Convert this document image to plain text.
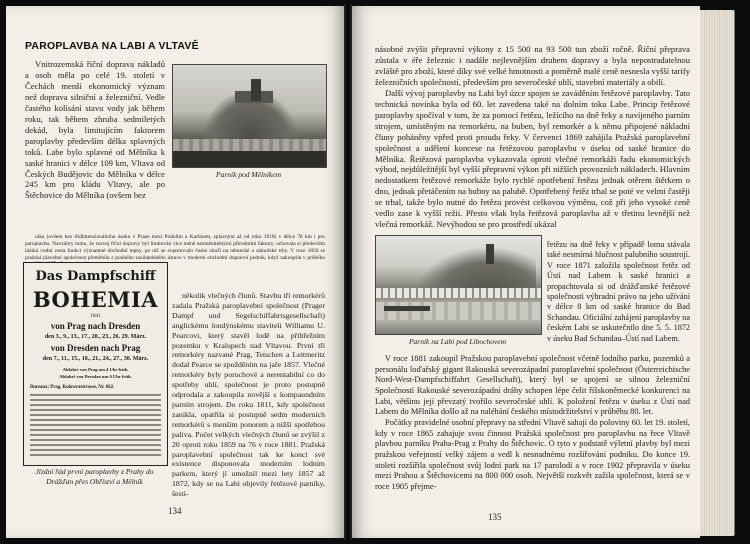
PAROPLAVBA NA LABI A VLTAVĚ

Vnitrozemská říční doprava nákladů a osob měla po celé 19. století v Čechách menší ekonomický význam než doprava silniční a železniční. Vedle častého kolísání stavu vody jak během roku, tak během zhruba sedmiletých dekád, byla limitujícím faktorem paroplavby především délka splavných toků. Labe bylo splavné od Mělníka k saské hranici v délce 109 km, Vltava od Českých Budějovic do Mělníka v délce 245 km pro kládu Vltavy, ale po Štěchovice do Mělníka (ovšem bez

Parník pod Mělníkem

nika (ovšem bez třídimenzionálního úseku v Praze mezi Podolím a Karlínem, splavným až od roku 1918) v délce 78 km i pro paroplavbu. Navzdory tomu, že rozvoj říční dopravy byl limitován více méně nezměnitelnými přírodními faktory, uchovala si především lámká vodní cesta funkci významné obchodní tepny, po níž se exportovalo české zboží na německé a zámořské trhy. V roce 1856 se pražská plavební společnost přeměnila z pouhého zasilatelského ústavu v moderní obchodní dopravní podnik, když zakoupila v průběhu

Das Dampfschiff
BOHEMIA
1841
von Prag nach Dresden
den 3., 9., 13., 17., 20., 23., 26. 29. März.
von Dresden nach Prag
den 7., 11., 15., 18., 21., 24., 27., 30. März.
Abfahrt von Prag um 4 Uhr früh.
Abfahrt von Dresden um 6 Uhr früh.
Bureaux: Prag, Kolowratstrasse, Nr. 862.
Jízdní řád první paroplavby z Prahy do Drážďan přes Obříství a Mělník

několik vlečných člunů. Stavbu tří remorkérů zadala Pražská paroplavební společnost (Prager Dampf und Segelschiffahrtsgesellschaft) anglickému londýnskému staviteli Williamu U. Pearcovi, který stavěl lodě na přibřežním pozemku v Kralupech nad Vltavou. První tři remorkéry nazvané Prag, Tetschen a Leitmeritz dodal Pearce se zpožděním na jaře 1857. Vlečné remorkéry byly poruchové a nerentabilní co do spotřeby uhlí, společnost je proto postupně odprodala a zakoupila novější s kompaundním parním strojem. Do roku 1811, kdy společnost zanikla, opatřila si postupně sedm moderních remorkérů s menším ponorem a nižší spotřebou paliva. Počet velkých vlečných člunů se zvýšil z 20 oproti roku 1859 na 76 v roce 1881. Pražská paroplavební společnost tak ke konci své existence disponovala moderním lodním parkem, který jí umožnil mezi lety 1857 až 1872, kdy se na Labi objevily řetězové parníky, šesti-

134

násobné zvýšit přepravní výkony z 15 500 na 93 500 tun zboží ročně. Říční přeprava zůstala v éře železnic i nadále nejlevnějším druhem dopravy a byla nepostradatelnou zvláště pro zboží, které díky své velké hmotnosti a poměrně malé ceně nesnesla vyšší tarify železničních společností, především pro severočeské uhlí, stavební materiály a obilí.

Další vývoj paroplavby na Labi byl úzce spojen se zaváděním řetězové paroplavby. Tato technická novinka byla od 60. let zavedena také na dolním toku Labe. Princip řetězové paroplavby spočíval v tom, že za pomocí řetězu, ležícího na dně řeky a navíjeného parním strojem, umístěným na remorkéru, na buben, byl remorkér a k němu připojené nákladní čluny poháněny vpřed proti proudu řeky. V červenci 1869 zahájila Pražská paroplavební společnost a udělení koncese na řetězovou paroplavbu v úseku od saské hranice do Mělníka. Řetězová paroplavba vykazovala oproti vlečné remorkáži řadu ekonomických výhod, nejdůležitější byl vyšší přepravní výkon při nižších provozních nákladech. Hlavním nedostatkem řetězové remorkáže bylo rychlé opotřebení řetězu jednak otěrem štěrkem o dno, jednak přetáčením na bubny na palubě. Opotřebený řetěz trhal se poté ve velmi častěji se trhal, takže bylo nutné do řetězu provést celkovou výměnu, což při jeho vysoké ceně vedlo zase k vyšší režii. Přesto však byla řetězová paroplavba až v třetinu levnější než vlečná remorkáž. Nevýhodou se pro prostředí ukázal

Parník na Labi pod Libochovem

řetězu na dně řeky v případě lomu stávala také nesmírná hlučnost palubního soustrojí. V roce 1871 založila společnost řetěz od Ústí nad Labem k saské hranici a propachtovala si od drážďanské řetězové společnosti výhradní právo na jeho užívání v délce 8 km od saské hranice do Bad Schandau. Oficiální zahájení paroplavby na českém Labi se uskutečnilo dne 5. 5. 1872 v úseku Bad Schandau–Ústí nad Labem.

V roce 1881 zakoupil Pražskou paroplavební společnost včetně lodního parku, pozemků a personálu loďařský gigant Rakouská severozápadní paroplavební společnost (Österreichische Nord-West-Dampfschiffahrt Gesellschaft), který byl se spojení se silnou železniční Společností Rakouské severozápadní dráhy schopen lépe čelit říšskoněmecké konkurenci na Labi, většinu její převzatý tvořilo severočeské uhlí. K položení řetězu v úseku z Ústí nad Labem do Mělníka došlo až na naléhání českého místodržitelství v průběhu 80. let.

Počátky pravidelné osobní přepravy na střední Vltavě sahají do poloviny 60. let 19. století, kdy v roce 1865 zahajuje svou činnost Pražská společnost pro paroplavbu na řece Vltavě plavbou parníku Praha-Prag z Prahy do Štěchovic. O tyto v podstatě výletní plavby byl mezi pražskou veřejností velký zájem a vedl k nesnadnému rozšiřování podniku. Do konce 19. století rozšířila společnost svůj lodní park na 17 parolodí a v roce 1902 přepravila v úseku mezi Prahou a Štěchovicemi na 800 000 osob. Největší rozkvět zažila společnost, která se v roce 1905 přejme-

135
